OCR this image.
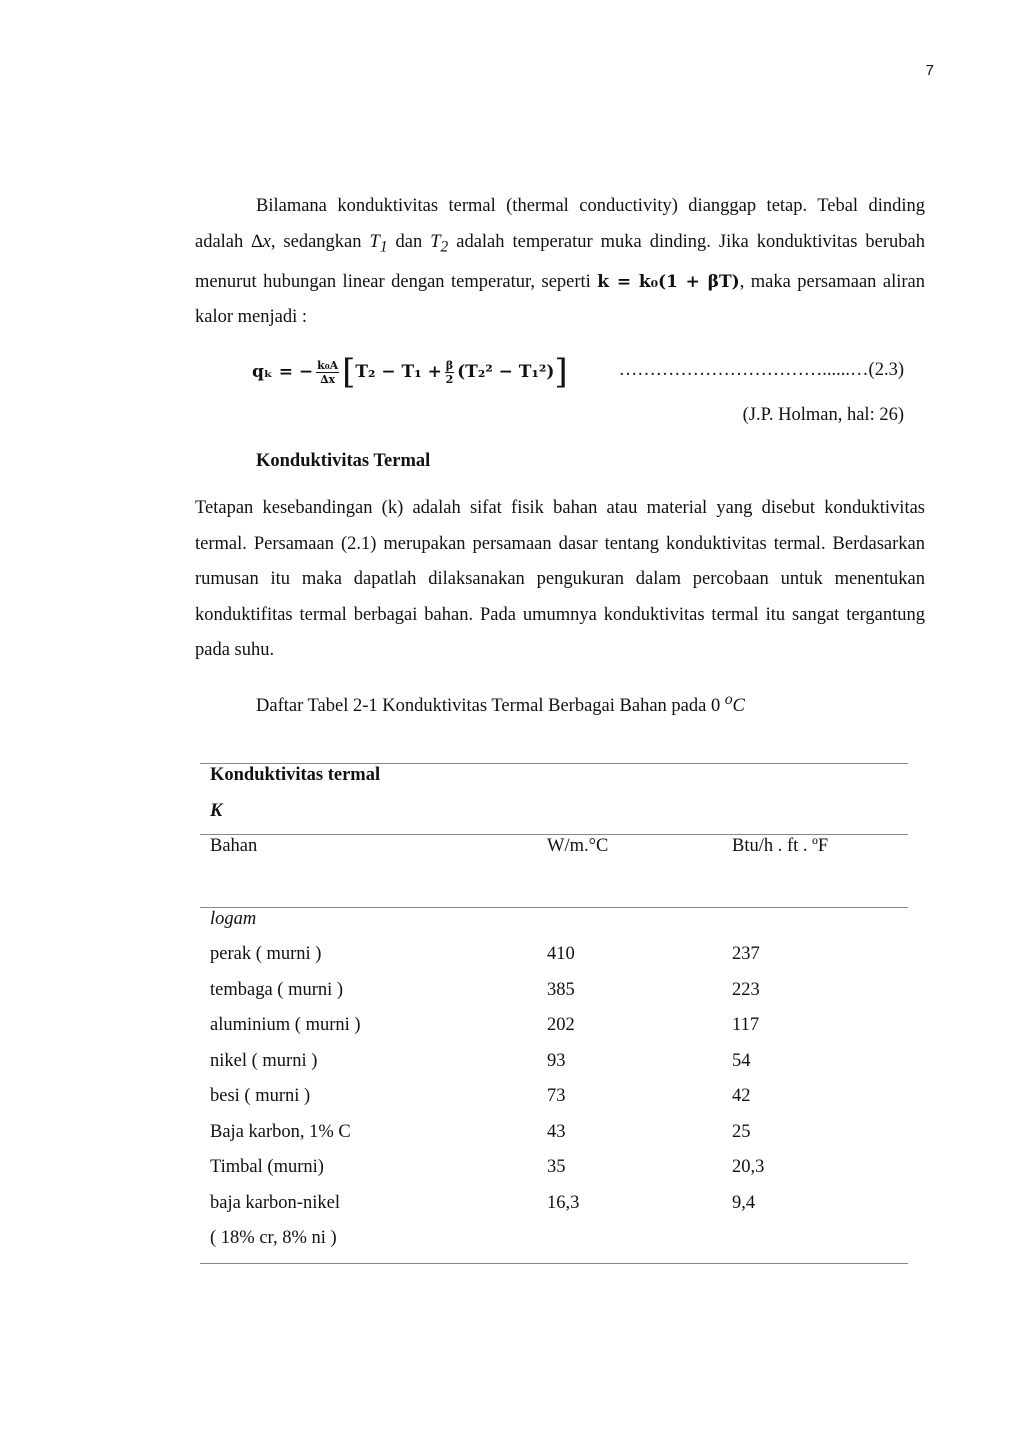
7

Bilamana konduktivitas termal (thermal conductivity) dianggap tetap. Tebal dinding adalah ∆x, sedangkan $T_1$ dan $T_2$ adalah temperatur muka dinding. Jika konduktivitas berubah menurut hubungan linear dengan temperatur, seperti k = k₀(1 + βT), maka persamaan aliran kalor menjadi :

qₖ = − $\frac{\text{k₀A}}{\Delta x}$ [ $T_2 - T_1 + \frac{\beta}{2} (T_2^2 - T_1^2)$ ]	……………………………......…(2.3)
(J.P. Holman, hal: 26)
Konduktivitas Termal

Tetapan kesebandingan (k) adalah sifat fisik bahan atau material yang disebut konduktivitas termal. Persamaan (2.1) merupakan persamaan dasar tentang konduktivitas termal. Berdasarkan rumusan itu maka dapatlah dilaksanakan pengukuran dalam percobaan untuk menentukan konduktifitas termal berbagai bahan. Pada umumnya konduktivitas termal itu sangat tergantung pada suhu.

Daftar Tabel 2-1 Konduktivitas Termal Berbagai Bahan pada 0 $^o$C
Konduktivitas termal
K
Bahan	W/m.°C	Btu/h . ft . ºF
logam
perak ( murni )	410	237
tembaga ( murni )	385	223
aluminium ( murni )	202	117
nikel ( murni )	93	54
besi ( murni )	73	42
Baja karbon, 1% C	43	25
Timbal (murni)	35	20,3
baja karbon-nikel	16,3	9,4
( 18% cr, 8% ni )
